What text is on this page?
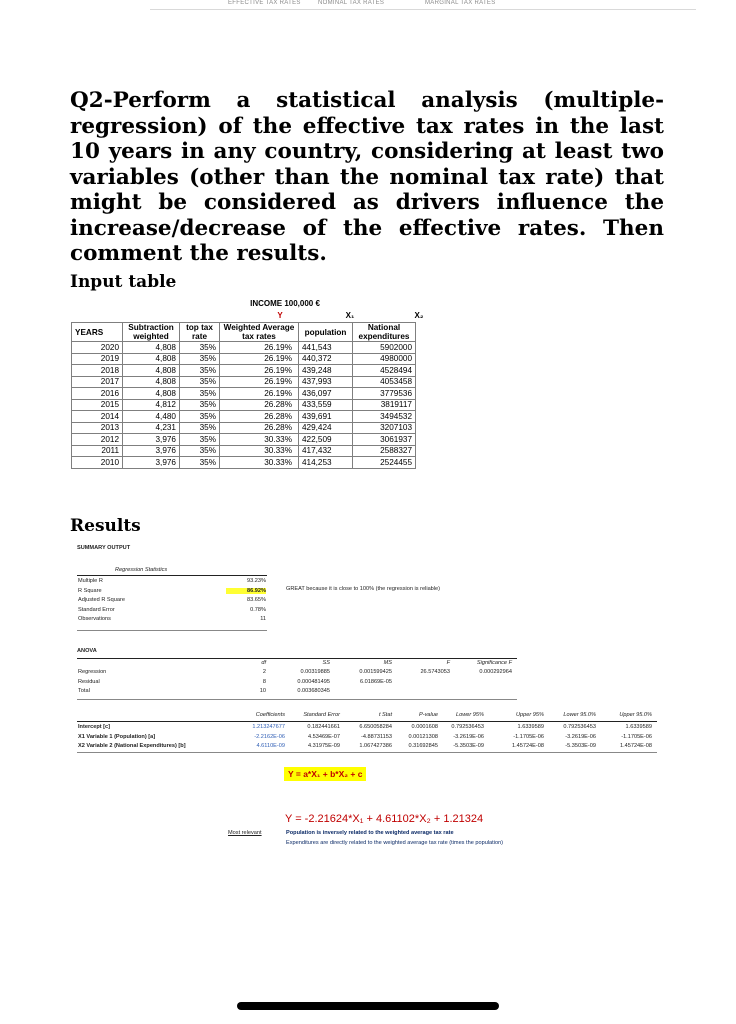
EFFECTIVE TAX RATES	NOMINAL TAX RATES	MARGINAL TAX RATES
Q2-Perform a statistical analysis (multiple-regression) of the effective tax rates in the last 10 years in any country, considering at least two variables (other than the nominal tax rate) that might be considered as drivers influence the increase/decrease of the effective rates. Then comment the results.
Input table
INCOME 100,000 €
Y	X₁	X₂
YEARS	Subtraction weighted	top tax rate	Weighted Average tax rates	population	National expenditures
2020	4,808	35%	26.19%	441,543	5902000
2019	4,808	35%	26.19%	440,372	4980000
2018	4,808	35%	26.19%	439,248	4528494
2017	4,808	35%	26.19%	437,993	4053458
2016	4,808	35%	26.19%	436,097	3779536
2015	4,812	35%	26.28%	433,559	3819117
2014	4,480	35%	26.28%	439,691	3494532
2013	4,231	35%	26.28%	429,424	3207103
2012	3,976	35%	30.33%	422,509	3061937
2011	3,976	35%	30.33%	417,432	2588327
2010	3,976	35%	30.33%	414,253	2524455
Results
SUMMARY OUTPUT
Regression Statistics
Multiple R	93.23%
R Square	86.92%
Adjusted R Square	83.65%
Standard Error	0.78%
Observations	11
GREAT because it is close to 100% (the regression is reliable)
ANOVA
df	SS	MS	F	Significance F
Regression	2	0.00319885	0.001599425	26.5743053	0.000292964
Residual	8	0.000481495	6.01869E-05
Total	10	0.003680345
Coefficients	Standard Error	t Stat	P-value	Lower 95%	Upper 95%	Lower 95.0%	Upper 95.0%
Intercept [c]	1.213247677	0.182441661	6.650058284	0.0001608	0.792536453	1.6339589	0.792536453	1.6339589
X1 Variable 1 (Population) [a]	-2.2162E-06	4.53469E-07	-4.88731153	0.00121308	-3.2619E-06	-1.1705E-06	-3.2619E-06	-1.1705E-06
X2 Variable 2 (National Expenditures) [b]	4.6110E-09	4.31975E-09	1.067427386	0.31692845	-5.3503E-09	1.45724E-08	-5.3503E-09	1.45724E-08
Y = a*X₁ + b*X₂ + c
Y = -2.21624*X₁ + 4.61102*X₂ + 1.21324
Most relevant	Population is inversely related to the weighted average tax rate
Expenditures are directly related to the weighted average tax rate (times the population)
